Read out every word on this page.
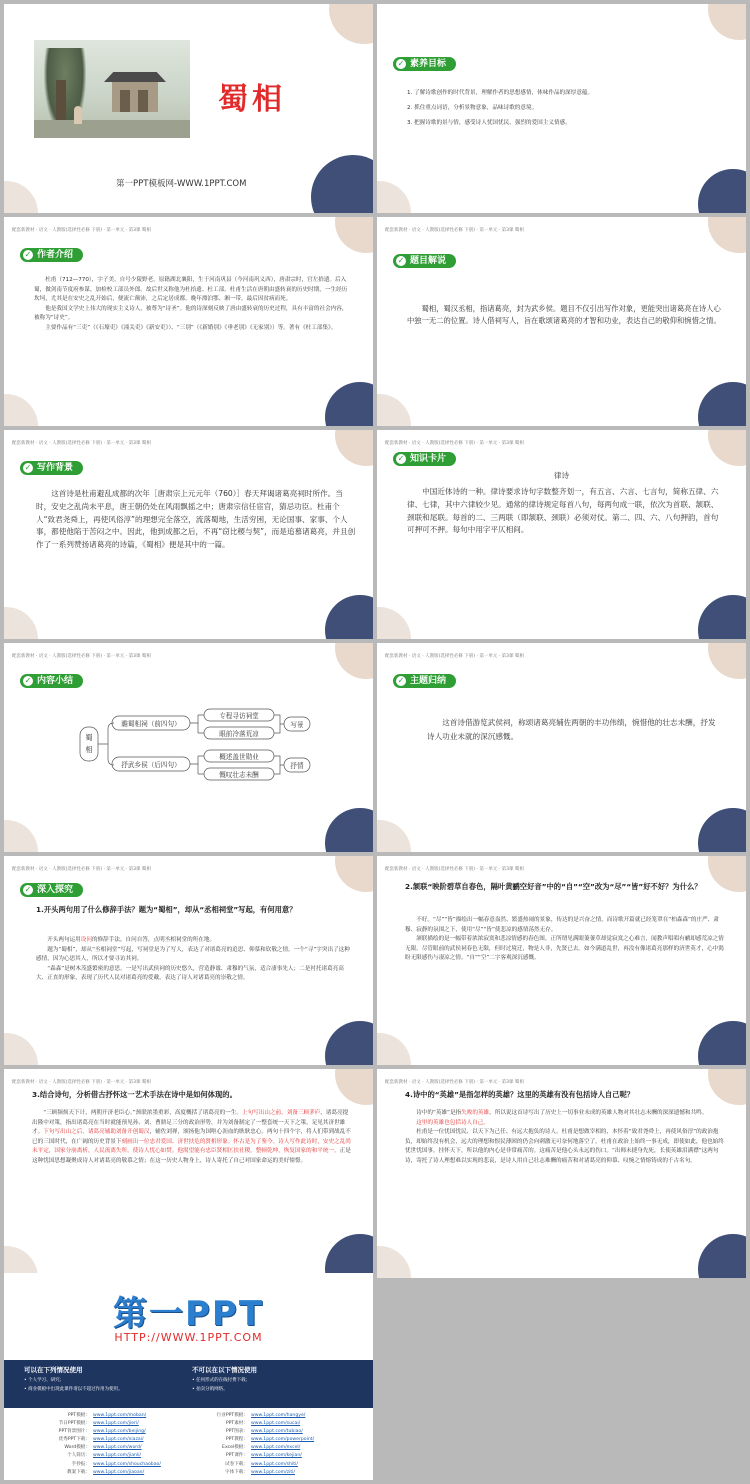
蜀相
第一PPT模板网-WWW.1PPT.COM
✓ 素养目标

1. 了解诗歌创作的时代背景，理解作者的思想感情，体味作品的深厚意蕴。

2. 抓住重点词语，分析景物意象，品味诗歌的意境。

3. 把握诗歌的景与情，感受诗人忧国忧民、强烈的爱国主义情感。

配套新教材 · 语文 · 人教版(选择性必修 下册) · 第一单元 · 第3课 蜀相
✓ 作者介绍

杜甫（712—770），字子美，自号少陵野老。原籍湖北襄阳，生于河南巩县（今河南巩义西），唐肃宗时，官左拾遗。后入蜀，做剑南节度府参谋，加检校工部员外郎。故后世又称他为杜拾遗、杜工部。杜甫生活在唐朝由盛转衰的历史时期，一生经历坎坷，尤其是在安史之乱开始后，便流亡颠沛，之后定居成都。晚年漂泊鄂、湘一带，最后因贫病而死。

他是我国文学史上伟大的现实主义诗人，被尊为“诗圣”。他的诗深刻反映了唐由盛转衰的历史过程，具有丰富的社会内容，被称为“诗史”。

主要作品有“三吏”（《石壕吏》《潼关吏》《新安吏》）、“三别”（《新婚别》《垂老别》《无家别》）等。著有《杜工部集》。

配套新教材 · 语文 · 人教版(选择性必修 下册) · 第一单元 · 第3课 蜀相
✓ 题目解说
蜀相，蜀汉丞相，指诸葛亮，封为武乡侯。题目不仅引出写作对象，更能突出诸葛亮在诗人心中独一无二的位置。诗人借祠写人，旨在歌颂诸葛亮的才智和功业，表达自己的敬仰和惋惜之情。
配套新教材 · 语文 · 人教版(选择性必修 下册) · 第一单元 · 第3课 蜀相
✓ 写作背景
这首诗是杜甫避乱成都的次年［唐肃宗上元元年（760）］春天拜谒诸葛亮祠时所作。当时，安史之乱尚未平息，唐王朝仍处在风雨飘摇之中；唐肃宗信任宦官，猜忌功臣。杜甫个人“致君尧舜上，再使风俗淳”的理想完全落空，流落蜀地，生活穷困，无论国事、家事、个人事，都使他陷于苦闷之中。因此，他到成都之后，不再“窃比稷与契”，而是追慕诸葛亮，并且创作了一系列赞扬诸葛亮的诗篇，《蜀相》便是其中的一篇。
配套新教材 · 语文 · 人教版(选择性必修 下册) · 第一单元 · 第3课 蜀相
✓ 知识卡片
律诗
中国近体诗的一种。律诗要求诗句字数整齐划一，有五言、六言、七言句，简称五律、六律、七律，其中六律较少见。通常的律诗规定每首八句，每两句成一联，依次为首联、颔联、颈联和尾联。每首的二、三两联（即颔联、颈联）必须对仗。第二、四、六、八句押韵，首句可押可不押。每句中用字平仄相间。
配套新教材 · 语文 · 人教版(选择性必修 下册) · 第一单元 · 第3课 蜀相
✓ 内容小结
蜀
相
瞻蜀相祠（前四句）
抒武乡侯（后四句）
专程寻访祠堂
眼前冷落荒凉
概述盖世勋业
慨叹壮志未酬
写景
抒情
配套新教材 · 语文 · 人教版(选择性必修 下册) · 第一单元 · 第3课 蜀相
✓ 主题归纳
这首诗借游览武侯祠，称颂诸葛亮辅佐两朝的丰功伟绩，惋惜他的壮志未酬，抒发诗人功业未就的深沉感慨。
配套新教材 · 语文 · 人教版(选择性必修 下册) · 第一单元 · 第3课 蜀相
✓ 深入探究
1.开头两句用了什么修辞手法？题为“蜀相”，却从“丞相祠堂”写起，有何用意？

开头两句运用设问的修辞手法，自问自答，点明丞相祠堂的所在地。

题为“蜀相”，却从“丞相祠堂”写起，写祠堂是为了写人，表达了对诸葛亮的追思、仰慕和钦敬之情。一个“寻”字突出了这种感情，因为心思其人，所以才要寻访其祠。

“森森”是树木茂盛繁密的意思。一是写出武侯祠的历史悠久，营造静谧、肃穆的气氛，适合凄事先人；二是衬托诸葛亮高大、正直的形象，表现了历代人民对诸葛亮的爱戴，表达了诗人对诸葛亮的崇敬之情。

配套新教材 · 语文 · 人教版(选择性必修 下册) · 第一单元 · 第3课 蜀相
2.颔联“映阶碧草自春色，隔叶黄鹂空好音”中的“自”“空”改为“尽”“皆”好不好？为什么？

不好。“尽”“皆”描绘出一幅春意盎然、繁盛热闹的景象，传达的是兴奋之情，而诗歌开篇就已经笼罩在“柏森森”的庄严、肃穆、寂静的氛围之下，使用“尽”“皆”使悲凉的感情荡然无存。

颔联描绘的是一幅带着浓浓寂寞和悲凉情感的春色图。正所谓见满眼萋萋草却觉寂寞之心难言，闻教声唱唱有鹂却感荒凉之情无限。尽管眼前的武侯祠春色无限，但时过境迁，物是人非，先贤已去。如今满道乱世，再没有像诸葛亮那样的济世英才，心中渴盼无限感伤与凄凉之情。“自”“空”二字客观深沉感慨。

配套新教材 · 语文 · 人教版(选择性必修 下册) · 第一单元 · 第3课 蜀相
3.结合诗句，分析借古抒怀这一艺术手法在诗中是如何体现的。

“三顾频烦天下计，两朝开济老臣心。”颈联浓墨重彩，高度概括了诸葛亮的一生。上句写出山之前，刘备三顾茅庐，诸葛亮提出隆中对策，指出诸葛亮在当时就能预见孙、刘、曹鼎足三分的政治形势，并为刘备制定了一整套统一天下之策，足见其济世雄才。下句写出山之后，诸葛亮辅助刘备开创蜀汉，辅佐刘禅，颂扬他为国呕心沥血的耿耿忠心。两句十四个字，将人们带到战乱不已的三国时代，在广阔的历史背景下刻画出一位忠君爱国、济世扶危的贤相形象。怀古是为了鉴今。诗人写作此诗时，安史之乱尚未平定，国家分崩离析，人民流离失所，使诗人忧心如焚。他渴望能有忠臣贤相匡扶社稷，整顿乾坤，恢复国家的和平统一。正是这种忧国思想凝聚成诗人对诸葛亮的敬慕之情；在这一历史人物身上，诗人寄托了自己对国家命运的美好憧憬。

配套新教材 · 语文 · 人教版(选择性必修 下册) · 第一单元 · 第3课 蜀相
4.诗中的“英雄”是指怎样的英雄？这里的英雄有没有包括诗人自己呢？

诗中的“英雄”是指失败的英雄，所以说这首诗写出了历史上一切事业未成的英雄人物对其壮志未酬的深深遗憾和共鸣。

这里的英雄也包括诗人自己。

杜甫是一位忧国忧民、以天下为己任、有远大抱负的诗人。杜甫是想做宰相的，本怀着“致君尧舜上，再使风俗淳”的政治抱负，却始终没有机会，远大的理想和恨民薄困的仍会向刺激无可奈何地落空了。杜甫在政治上始终一事无成，即使如此，他也始终忧世忧国事，挂怀天下，所以他的内心是非常痛苦的。这痛苦是他心头永远的伤口。“出师未捷身先死，长使英雄泪满襟”这两句诗，寄托了诗人理想难以实现的悲哀，是诗人用自己壮志难酬的痛苦和对诸葛亮的仰慕、叹惋之情熔铸成的千古名句。

第一PPT
HTTP://WWW.1PPT.COM
可以在下列情况使用
• 个人学习、研究；
• 商业模板中出现此课件请以不超过作用为使用。
不可以在以下情况使用
• 任何形式的在线付费下载；
• 拍卖分销网络。
PPT模板： www.1ppt.com/moban/
节日PPT模板： www.1ppt.com/jieri/
PPT背景图片： www.1ppt.com/beijing/
优秀PPT下载： www.1ppt.com/xiazai/
Word模板： www.1ppt.com/word/
个人简历： www.1ppt.com/jianli/
手抄报： www.1ppt.com/shouchaobao/
教案下载： www.1ppt.com/jiaoan/
行业PPT模板： www.1ppt.com/hangye/
PPT素材： www.1ppt.com/sucai/
PPT图表： www.1ppt.com/tubiao/
PPT教程： www.1ppt.com/powerpoint/
Excel模板： www.1ppt.com/excel/
PPT课件： www.1ppt.com/kejian/
试卷下载： www.1ppt.com/shiti/
字体下载： www.1ppt.com/ziti/
